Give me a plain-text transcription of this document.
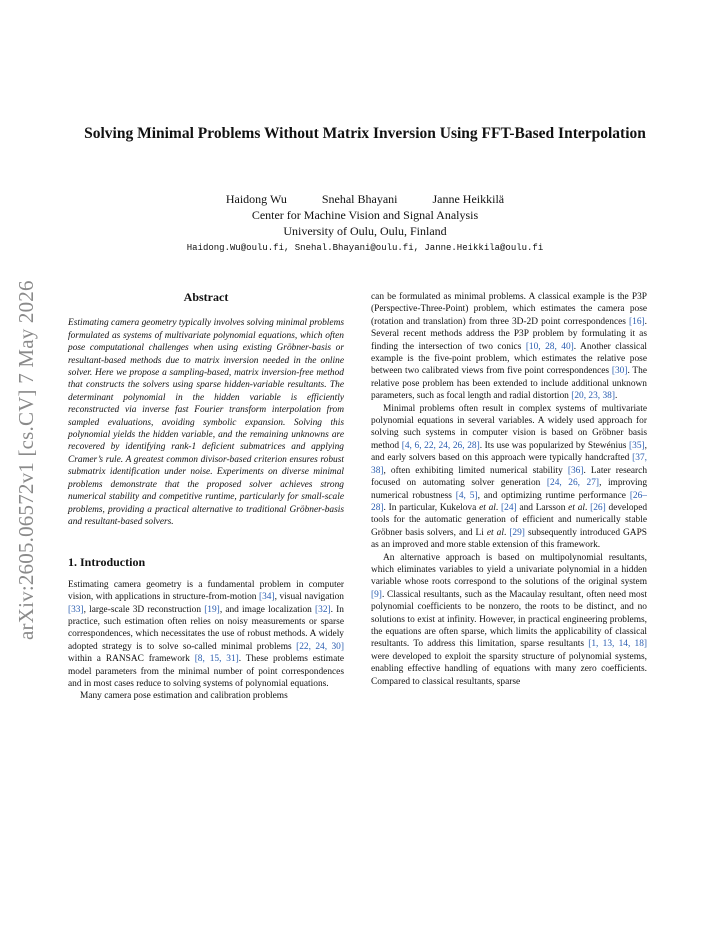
arXiv:2605.06572v1 [cs.CV] 7 May 2026
Solving Minimal Problems Without Matrix Inversion Using FFT-Based Interpolation
Haidong Wu	Snehal Bhayani	Janne Heikkilä
Center for Machine Vision and Signal Analysis
University of Oulu, Oulu, Finland
Haidong.Wu@oulu.fi, Snehal.Bhayani@oulu.fi, Janne.Heikkila@oulu.fi
Abstract

Estimating camera geometry typically involves solving minimal problems formulated as systems of multivariate polynomial equations, which often pose computational challenges when using existing Gröbner-basis or resultant-based methods due to matrix inversion needed in the online solver. Here we propose a sampling-based, matrix inversion-free method that constructs the solvers using sparse hidden-variable resultants. The determinant polynomial in the hidden variable is efficiently reconstructed via inverse fast Fourier transform interpolation from sampled evaluations, avoiding symbolic expansion. Solving this polynomial yields the hidden variable, and the remaining unknowns are recovered by identifying rank-1 deficient submatrices and applying Cramer’s rule. A greatest common divisor-based criterion ensures robust submatrix identification under noise. Experiments on diverse minimal problems demonstrate that the proposed solver achieves strong numerical stability and competitive runtime, particularly for small-scale problems, providing a practical alternative to traditional Gröbner-basis and resultant-based solvers.

1. Introduction

Estimating camera geometry is a fundamental problem in computer vision, with applications in structure-from-motion [34], visual navigation [33], large-scale 3D reconstruction [19], and image localization [32]. In practice, such estimation often relies on noisy measurements or sparse correspondences, which necessitates the use of robust methods. A widely adopted strategy is to solve so-called minimal problems [22, 24, 30] within a RANSAC framework [8, 15, 31]. These problems estimate model parameters from the minimal number of point correspondences and in most cases reduce to solving systems of polynomial equations.

Many camera pose estimation and calibration problems

can be formulated as minimal problems. A classical example is the P3P (Perspective-Three-Point) problem, which estimates the camera pose (rotation and translation) from three 3D-2D point correspondences [16]. Several recent methods address the P3P problem by formulating it as finding the intersection of two conics [10, 28, 40]. Another classical example is the five-point problem, which estimates the relative pose between two calibrated views from five point correspondences [30]. The relative pose problem has been extended to include additional unknown parameters, such as focal length and radial distortion [20, 23, 38].

Minimal problems often result in complex systems of multivariate polynomial equations in several variables. A widely used approach for solving such systems in computer vision is based on Gröbner basis method [4, 6, 22, 24, 26, 28]. Its use was popularized by Stewénius [35], and early solvers based on this approach were typically handcrafted [37, 38], often exhibiting limited numerical stability [36]. Later research focused on automating solver generation [24, 26, 27], improving numerical robustness [4, 5], and optimizing runtime performance [26–28]. In particular, Kukelova et al. [24] and Larsson et al. [26] developed tools for the automatic generation of efficient and numerically stable Gröbner basis solvers, and Li et al. [29] subsequently introduced GAPS as an improved and more stable extension of this framework.

An alternative approach is based on multipolynomial resultants, which eliminates variables to yield a univariate polynomial in a hidden variable whose roots correspond to the solutions of the original system [9]. Classical resultants, such as the Macaulay resultant, often need most polynomial coefficients to be nonzero, the roots to be distinct, and no solutions to exist at infinity. However, in practical engineering problems, the equations are often sparse, which limits the applicability of classical resultants. To address this limitation, sparse resultants [1, 13, 14, 18] were developed to exploit the sparsity structure of polynomial systems, enabling effective handling of equations with many zero coefficients. Compared to classical resultants, sparse
